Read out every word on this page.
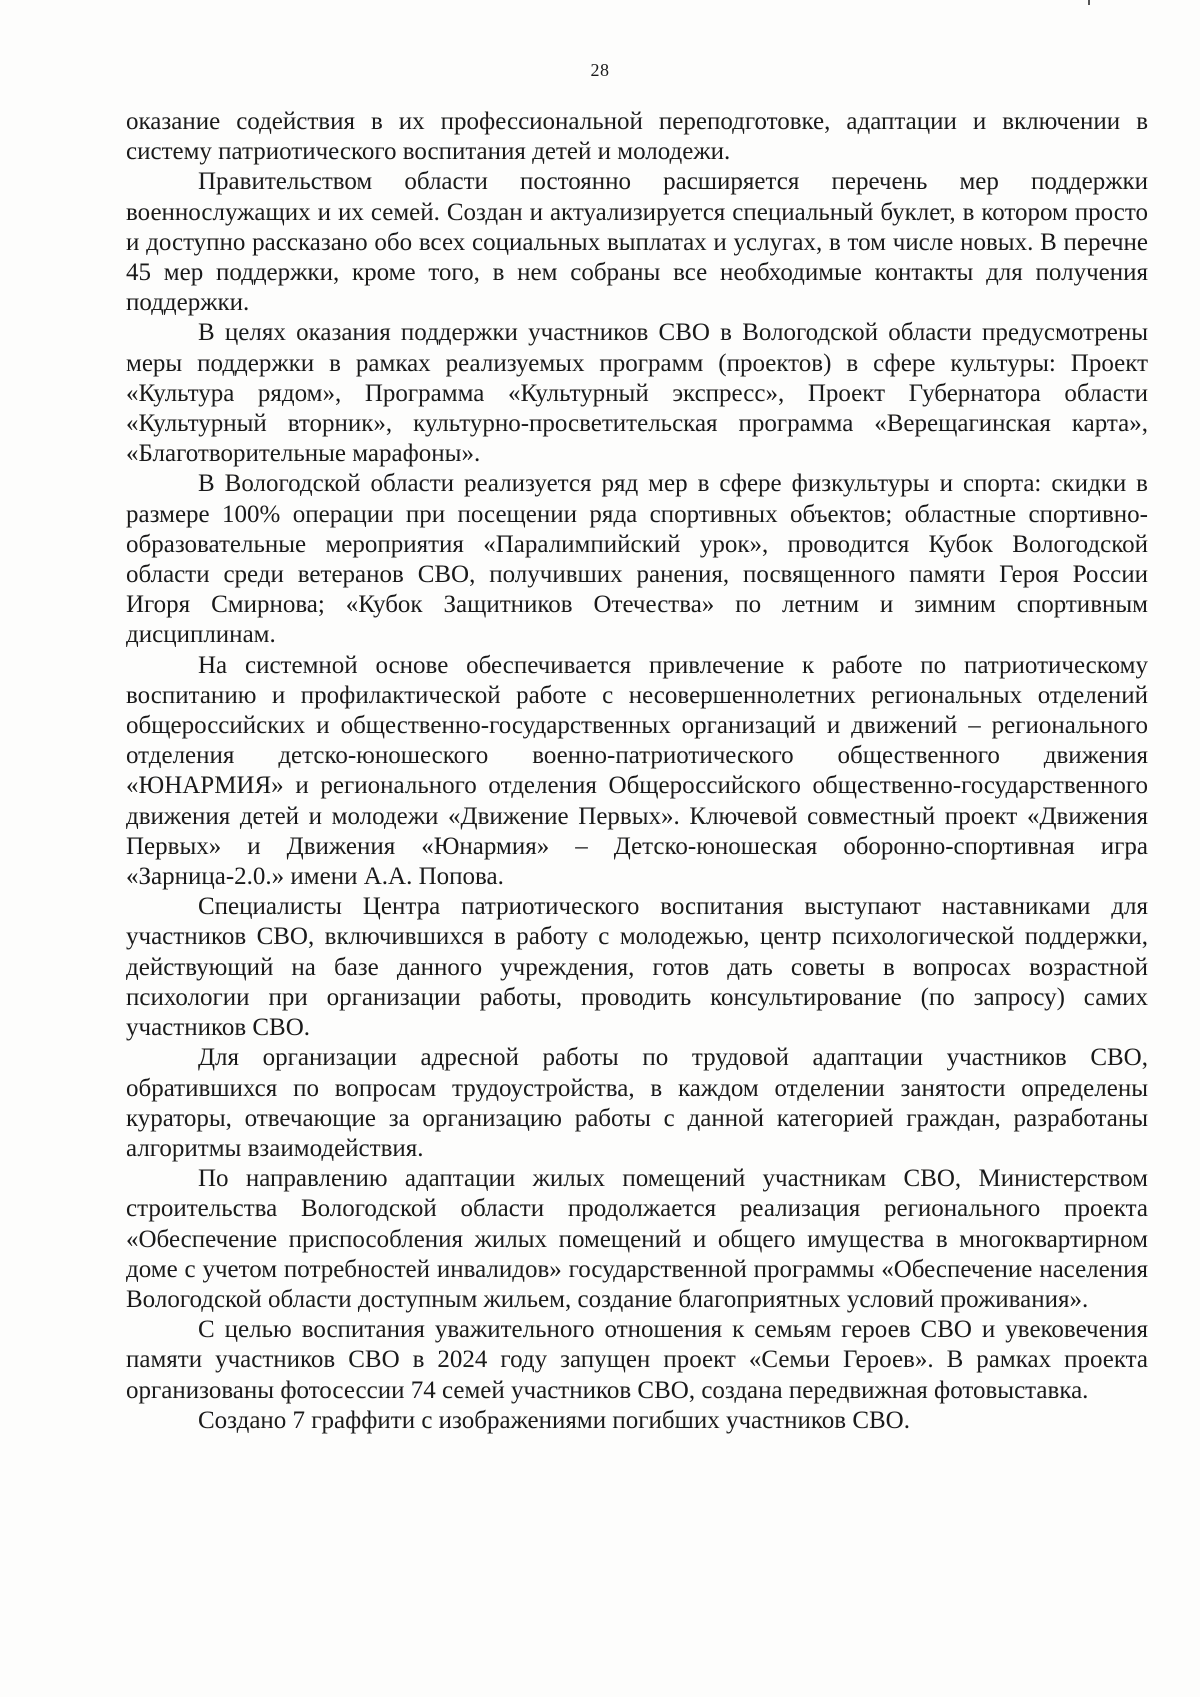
28

оказание содействия в их профессиональной переподготовке, адаптации и включении в систему патриотического воспитания детей и молодежи.

Правительством области постоянно расширяется перечень мер поддержки военнослужащих и их семей. Создан и актуализируется специальный буклет, в котором просто и доступно рассказано обо всех социальных выплатах и услугах, в том числе новых. В перечне 45 мер поддержки, кроме того, в нем собраны все необходимые контакты для получения поддержки.

В целях оказания поддержки участников СВО в Вологодской области предусмотрены меры поддержки в рамках реализуемых программ (проектов) в сфере культуры: Проект «Культура рядом», Программа «Культурный экспресс», Проект Губернатора области «Культурный вторник», культурно-просветительская программа «Верещагинская карта», «Благотворительные марафоны».

В Вологодской области реализуется ряд мер в сфере физкультуры и спорта: скидки в размере 100% операции при посещении ряда спортивных объектов; областные спортивно-образовательные мероприятия «Паралимпийский урок», проводится Кубок Вологодской области среди ветеранов СВО, получивших ранения, посвященного памяти Героя России Игоря Смирнова; «Кубок Защитников Отечества» по летним и зимним спортивным дисциплинам.

На системной основе обеспечивается привлечение к работе по патриотическому воспитанию и профилактической работе с несовершеннолетних региональных отделений общероссийских и общественно-государственных организаций и движений – регионального отделения детско-юношеского военно-патриотического общественного движения «ЮНАРМИЯ» и регионального отделения Общероссийского общественно-государственного движения детей и молодежи «Движение Первых». Ключевой совместный проект «Движения Первых» и Движения «Юнармия» – Детско-юношеская оборонно-спортивная игра «Зарница-2.0.» имени А.А. Попова.

Специалисты Центра патриотического воспитания выступают наставниками для участников СВО, включившихся в работу с молодежью, центр психологической поддержки, действующий на базе данного учреждения, готов дать советы в вопросах возрастной психологии при организации работы, проводить консультирование (по запросу) самих участников СВО.

Для организации адресной работы по трудовой адаптации участников СВО, обратившихся по вопросам трудоустройства, в каждом отделении занятости определены кураторы, отвечающие за организацию работы с данной категорией граждан, разработаны алгоритмы взаимодействия.

По направлению адаптации жилых помещений участникам СВО, Министерством строительства Вологодской области продолжается реализация регионального проекта «Обеспечение приспособления жилых помещений и общего имущества в многоквартирном доме с учетом потребностей инвалидов» государственной программы «Обеспечение населения Вологодской области доступным жильем, создание благоприятных условий проживания».

С целью воспитания уважительного отношения к семьям героев СВО и увековечения памяти участников СВО в 2024 году запущен проект «Семьи Героев». В рамках проекта организованы фотосессии 74 семей участников СВО, создана передвижная фотовыставка.

Создано 7 граффити с изображениями погибших участников СВО.
